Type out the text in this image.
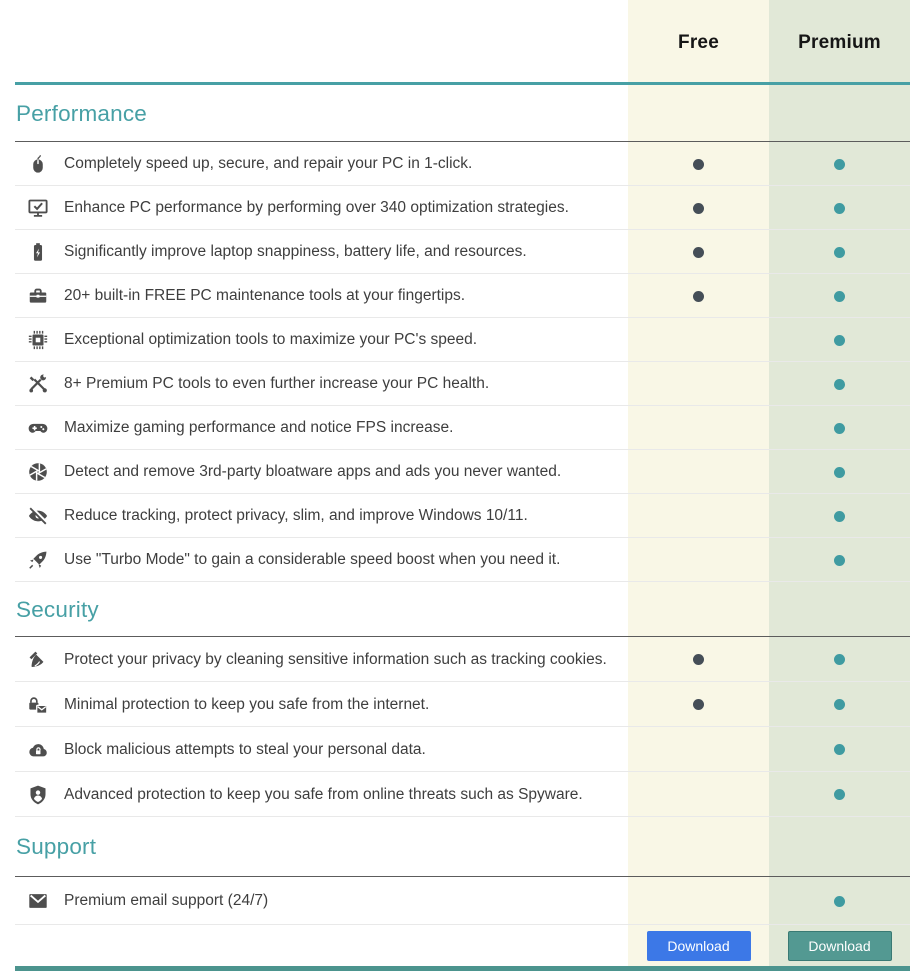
Free	Premium
Performance
Completely speed up, secure, and repair your PC in 1-click.
Enhance PC performance by performing over 340 optimization strategies.
Significantly improve laptop snappiness, battery life, and resources.
20+ built-in FREE PC maintenance tools at your fingertips.
Exceptional optimization tools to maximize your PC's speed.
8+ Premium PC tools to even further increase your PC health.
Maximize gaming performance and notice FPS increase.
Detect and remove 3rd-party bloatware apps and ads you never wanted.
Reduce tracking, protect privacy, slim, and improve Windows 10/11.
Use "Turbo Mode" to gain a considerable speed boost when you need it.
Security
Protect your privacy by cleaning sensitive information such as tracking cookies.
Minimal protection to keep you safe from the internet.
Block malicious attempts to steal your personal data.
Advanced protection to keep you safe from online threats such as Spyware.
Support
Premium email support (24/7)
Download	Download
